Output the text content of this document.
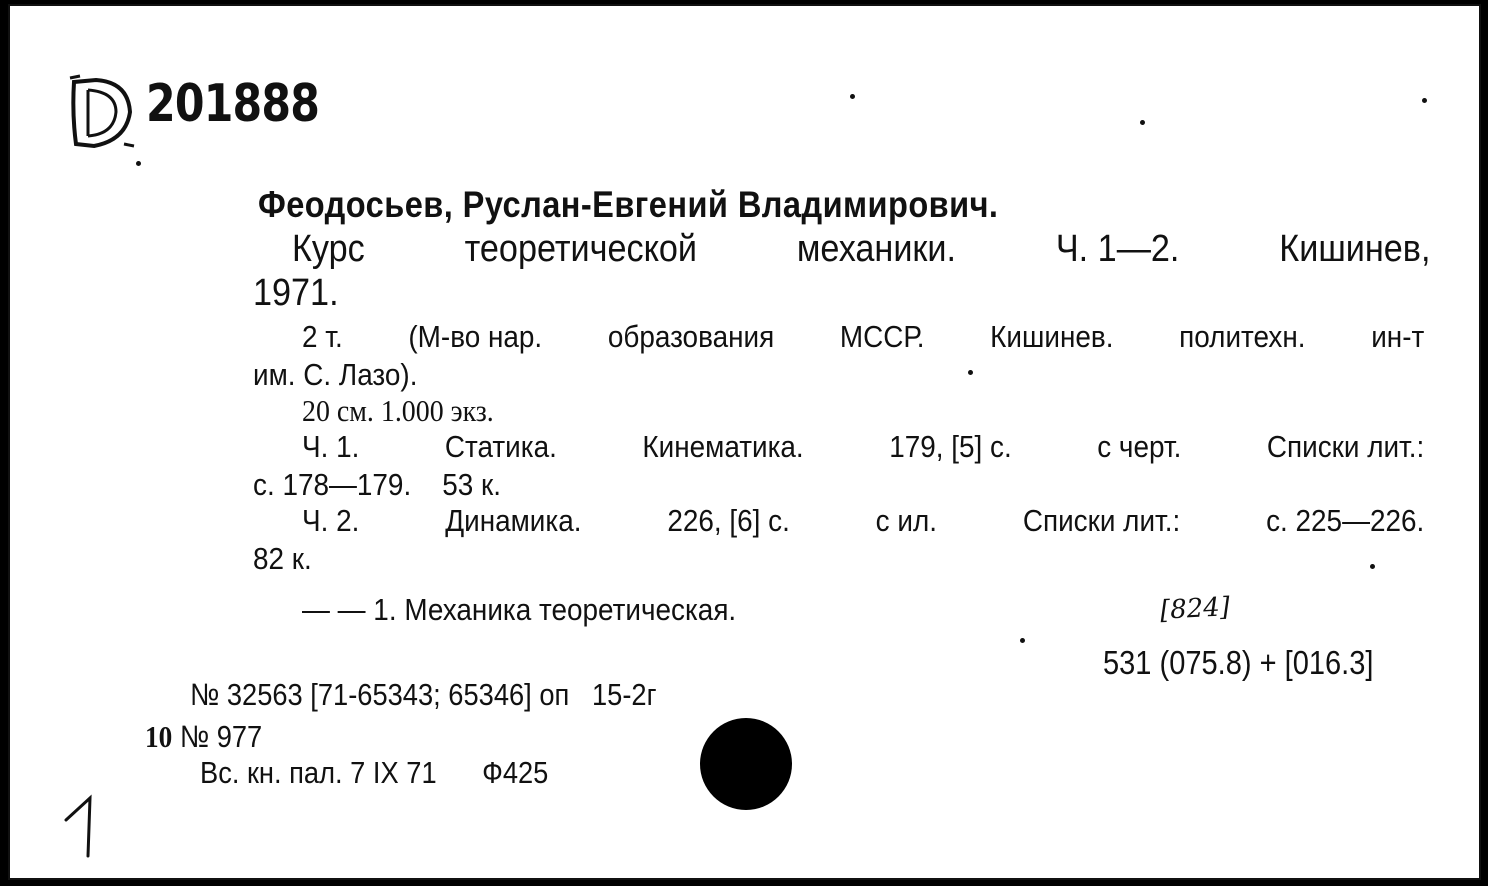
201888
Феодосьев, Руслан-Евгений Владимирович.
Курс	теоретической	механики.	Ч. 1—2.	Кишинев,
1971.
2 т. (М-во нар. образования МССР. Кишинев. политехн. ин-т
им. С. Лазо).
20 см. 1.000 экз.
Ч. 1.	Статика.	Кинематика.	179, [5] с.	с черт.	Списки лит.:
с. 178—179.    53 к.
Ч. 2.	Динамика.	226, [6] с.	с ил.	Списки лит.:	с. 225—226.
82 к.
— — 1. Механика теоретическая.	[824]
531 (075.8) + [016.3]
№ 32563 [71-65343; 65346] оп   15-2г
10 № 977
Вс. кн. пал. 7 IX 71      Ф425
